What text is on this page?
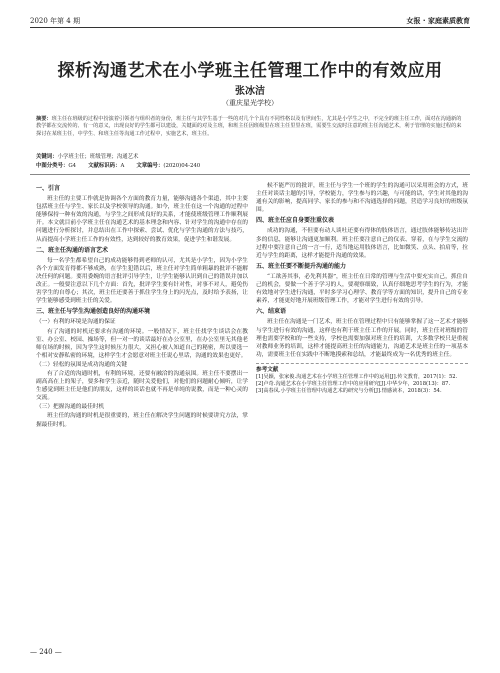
2020 年第 4 期	女报 · 家庭素质教育
探析沟通艺术在小学班主任管理工作中的有效应用
张冰洁
（重庆星光学校）
摘要：班主任在班级的过程中扮演着引领者与组织者的身份，班主任与其学生基于一些的对几个个具有不同性格以及有世间生，尤其是小学生之中，不完全的班主任工作，面对在沟通新的教学都在交流传的、有一的意义，出现良好的学生都可以建设，关键面的对及主班，和班主任因班级里在班主任里里在班，需要生交流时注意的班主任沟通艺术，利于管理的实施过程的来探讨在某班主任，中学生、和班主任等沟通工作过程中，实施艺术，班主任。
关键词：小学班主任；班级管理；沟通艺术
中图分类号：G4 文献标识码：A 文章编号：(2020)04-240
一、引言

班主任的主要工作就是协调各个方面的教育力量，能够沟通各个渠道，其中主要包括班主任与学生、家长以及学校领导的沟通。如今，班主任在这一个沟通的过程中能够保持一种有效的沟通，与学生之间形成良好的关系，才能使班级管理工作顺利展开。本文就目前小学班主任在沟通艺术的基本理念和内容、针对学生的沟通中存在的问题进行分析探讨，并总结出在工作中探索、尝试、优化与学生沟通的方法与技巧，从而提高小学班主任工作的有效性，达到较好的教育效果，促进学生和谐发展。

二、班主任沟通的语言艺术

每一名学生都希望自己的成功能够得到老师的认可，尤其是小学生，因为小学生各个方面发育得都不够成熟，在学生犯错以后，班主任对学生简单粗暴的批评不能解决任何的问题。要用委婉的语言批评引导学生，让学生能够认识到自己的错误并加以改正。一般要注意以下几个方面：首先，批评学生要有针对性，对事不对人，避免伤害学生的自尊心；其次，班主任还要善于抓住学生身上的闪光点，及时给予表扬，让学生能够感受到班主任的关爱。

三、班主任与学生沟通创造良好的沟通环境
（一）有利的环境是沟通的保证

有了沟通的时机还要求有沟通的环境。一般情况下，班主任找学生谈话会在教室、办公室、校园、操场等，但一对一的谈话最好在办公室里，在办公室里无其他老师在场的时候，因为学生这时候压力很大，又担心被人知道自己的秘密，所以要选一个相对安静私密的环境，这样学生才会愿意对班主任说心里话，沟通的效果也更好。

（二）轻松的氛围是成功沟通的关键

有了合适的沟通时机，有利的环境，还要有融洽的沟通氛围。班主任不要摆出一副高高在上的架子，要多和学生亲近，随时关爱他们，对他们的问题耐心倾听，让学生感觉到班主任是他们的朋友，这样的谈话也就不再是单纯的说教，而是一种心灵的交流。

（三）把握沟通的最佳时机

班主任的沟通的时机是很重要的，班主任在解决学生问题的时候要讲究方法，掌握最佳时机。

候不能严厉的批评，班主任与学生一个班的学生的沟通可以采用班会的方式，班主任对谈话主题的引导，学校能力，学生参与的兴趣，与可能的话，学生对其他的沟通有关的影响，提高同学、家长的参与和不沟通选择的问题，营造学习良好的班级氛围。

四、班主任应自身要注重仪表

成功的沟通，不但要有动人谈吐还要有得体的肢体语言，通过肢体能够传达出许多的信息，能够让沟通更加顺利。班主任要注意自己的仪表、穿着，在与学生交流的过程中要注意自己的一言一行，适当地运用肢体语言，比如微笑、点头、拍肩等，拉近与学生的距离，这样才能提升沟通的效果。

五、班主任要不断提升沟通的能力

“工欲善其事，必先利其器”，班主任在日常的管理与生活中要充实自己，抓住自己的机会，要做一个善于学习的人，要观察细致，认真仔细地思考学生的行为，才能有效地对学生进行沟通，平时多学习心理学、教育学等方面的知识，提升自己的专业素养，才能更好地开展班级管理工作，才能对学生进行有效的引导。

六、结束语

班主任在沟通是一门艺术，班主任在管理过程中只有能够掌握了这一艺术才能够与学生进行有效的沟通，这样也有利于班主任工作的开展。同时，班主任对班级的管理也需要学校和的一些支持，学校也需要加强对班主任的培训，大多数学校只是重视对教师业务的培训，这样才能提高班主任的沟通能力，沟通艺术是班主任的一项基本功，需要班主任在实践中不断地摸索和总结，才能最终成为一名优秀的班主任。

参考文献
[1]吴颖，张家俊.沟通艺术在小学班主任管理工作中的运用[J].传文教育，2017(1)：52.
[2]卢奇.沟通艺术在小学班主任管理工作中的应用研究[J].中华少年，2018(13)：87.
[3]高春凤.小学班主任管理中沟通艺术的研究与分析[J].情感读本，2018(3)：54.
— 240 —
